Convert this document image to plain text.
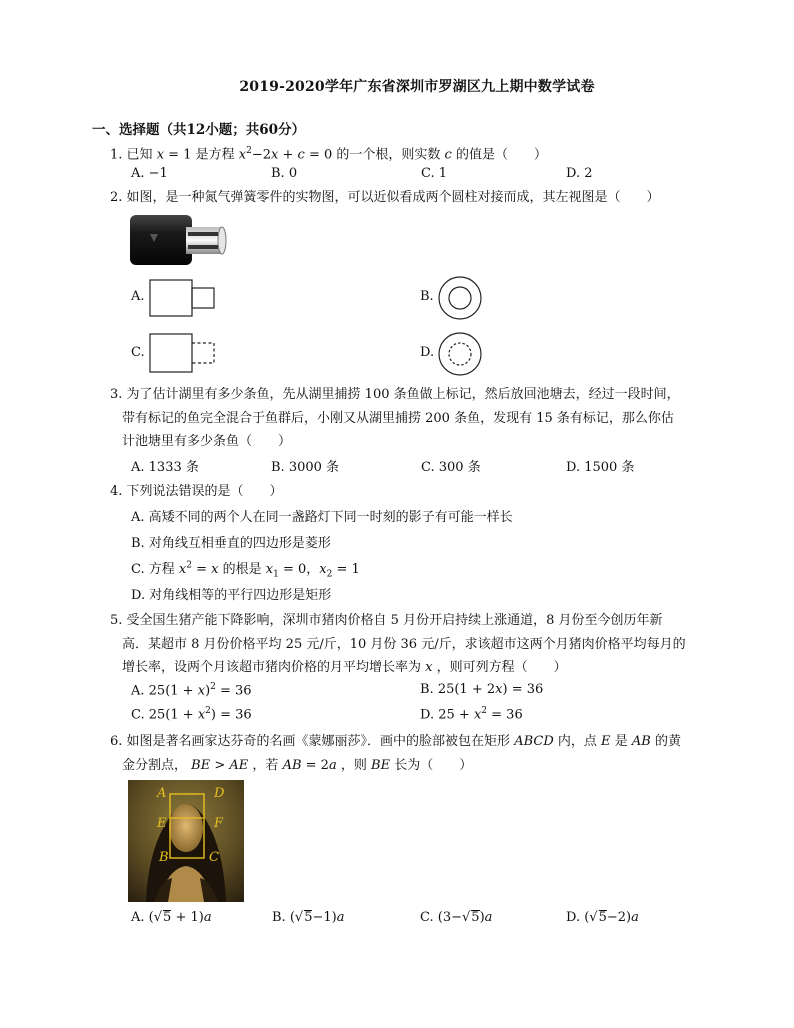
2019-2020学年广东省深圳市罗湖区九上期中数学试卷
一、选择题（共12小题；共60分）
1. 已知 x = 1 是方程 $x^2-2x + c = 0$ 的一个根，则实数 c 的值是（　　）
A. −1	B. 0	C. 1	D. 2
2. 如图，是一种氮气弹簧零件的实物图，可以近似看成两个圆柱对接而成，其左视图是（　　）
A.	B.
C.	D.
3. 为了估计湖里有多少条鱼，先从湖里捕捞 100 条鱼做上标记，然后放回池塘去，经过一段时间，
带有标记的鱼完全混合于鱼群后，小刚又从湖里捕捞 200 条鱼，发现有 15 条有标记，那么你估
计池塘里有多少条鱼（　　）
A. 1333 条	B. 3000 条	C. 300 条	D. 1500 条
4. 下列说法错误的是（　　）
A. 高矮不同的两个人在同一盏路灯下同一时刻的影子有可能一样长
B. 对角线互相垂直的四边形是菱形
C. 方程 $x^2 = x$ 的根是 $x_1 = 0$，$x_2 = 1$
D. 对角线相等的平行四边形是矩形
5. 受全国生猪产能下降影响，深圳市猪肉价格自 5 月份开启持续上涨通道，8 月份至今创历年新
高．某超市 8 月份价格平均 25 元/斤，10 月份 36 元/斤，求该超市这两个月猪肉价格平均每月的
增长率，设两个月该超市猪肉价格的月平均增长率为 x ，则可列方程（　　）
A. $25(1 + x)^2 = 36$	B. 25(1 + 2x) = 36
C. $25(1 + x^2) = 36$	D. $25 + x^2 = 36$
6. 如图是著名画家达芬奇的名画《蒙娜丽莎》．画中的脸部被包在矩形 ABCD 内，点 E 是 AB 的黄
金分割点， BE > AE ，若 AB = 2a ，则 BE 长为（　　）
A	D
E	F
B	C
A. (√5 + 1)a	B. (√5−1)a	C. (3−√5)a	D. (√5−2)a
